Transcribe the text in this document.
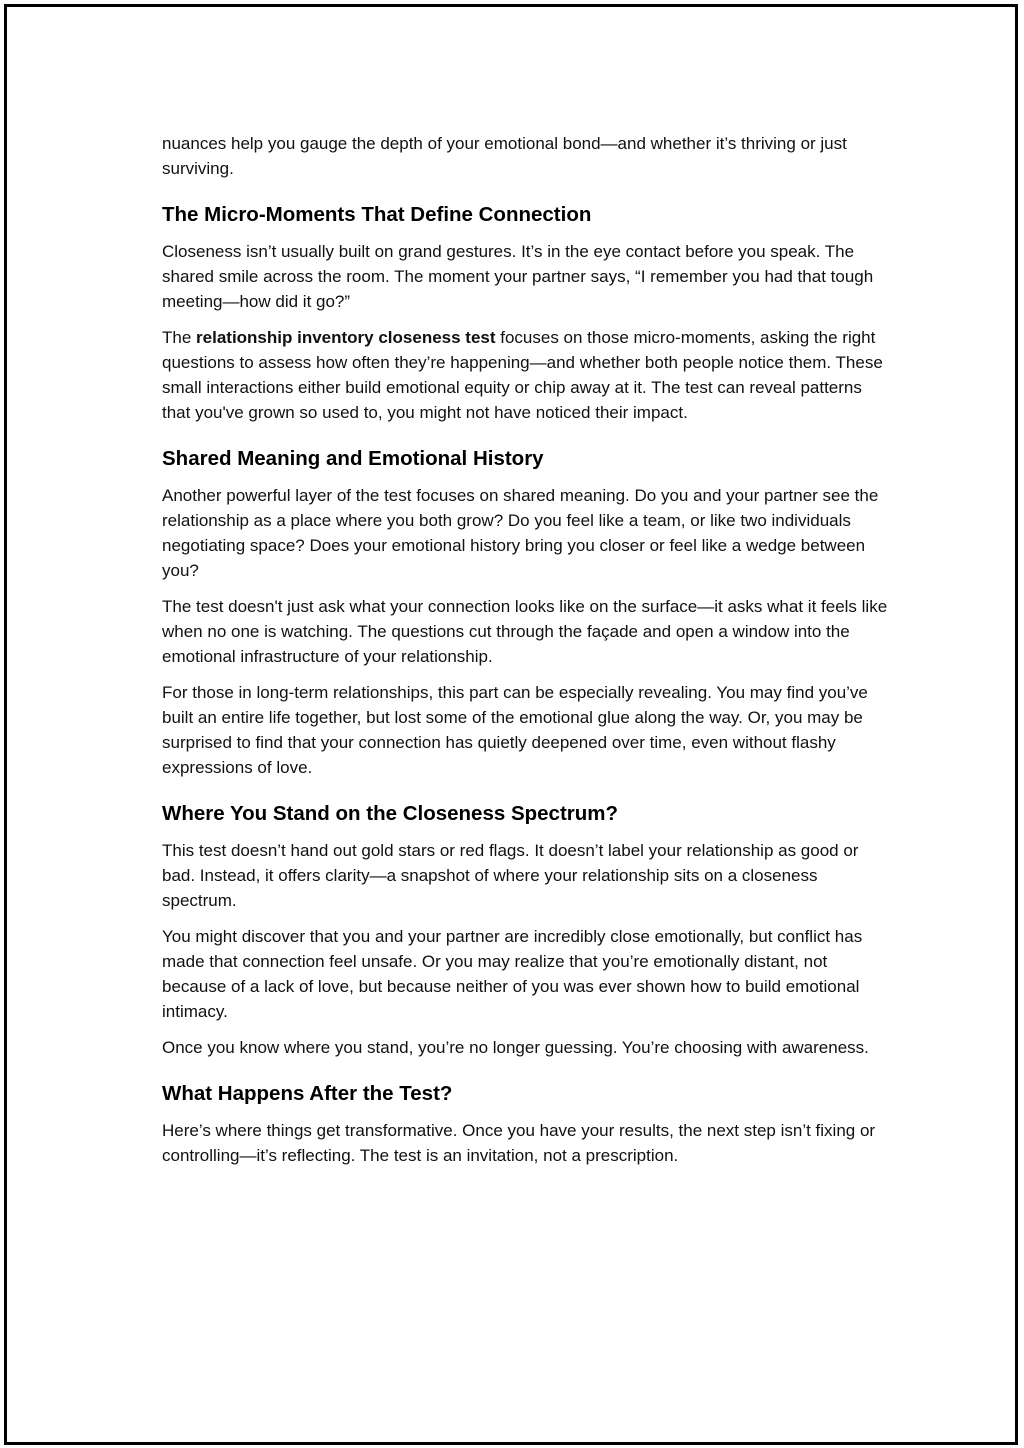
nuances help you gauge the depth of your emotional bond—and whether it’s thriving or just surviving.

The Micro-Moments That Define Connection

Closeness isn’t usually built on grand gestures. It’s in the eye contact before you speak. The shared smile across the room. The moment your partner says, “I remember you had that tough meeting—how did it go?”

The relationship inventory closeness test focuses on those micro-moments, asking the right questions to assess how often they’re happening—and whether both people notice them. These small interactions either build emotional equity or chip away at it. The test can reveal patterns that you've grown so used to, you might not have noticed their impact.

Shared Meaning and Emotional History

Another powerful layer of the test focuses on shared meaning. Do you and your partner see the relationship as a place where you both grow? Do you feel like a team, or like two individuals negotiating space? Does your emotional history bring you closer or feel like a wedge between you?

The test doesn't just ask what your connection looks like on the surface—it asks what it feels like when no one is watching. The questions cut through the façade and open a window into the emotional infrastructure of your relationship.

For those in long-term relationships, this part can be especially revealing. You may find you’ve built an entire life together, but lost some of the emotional glue along the way. Or, you may be surprised to find that your connection has quietly deepened over time, even without flashy expressions of love.

Where You Stand on the Closeness Spectrum?

This test doesn’t hand out gold stars or red flags. It doesn’t label your relationship as good or bad. Instead, it offers clarity—a snapshot of where your relationship sits on a closeness spectrum.

You might discover that you and your partner are incredibly close emotionally, but conflict has made that connection feel unsafe. Or you may realize that you’re emotionally distant, not because of a lack of love, but because neither of you was ever shown how to build emotional intimacy.

Once you know where you stand, you’re no longer guessing. You’re choosing with awareness.

What Happens After the Test?

Here’s where things get transformative. Once you have your results, the next step isn’t fixing or controlling—it’s reflecting. The test is an invitation, not a prescription.
